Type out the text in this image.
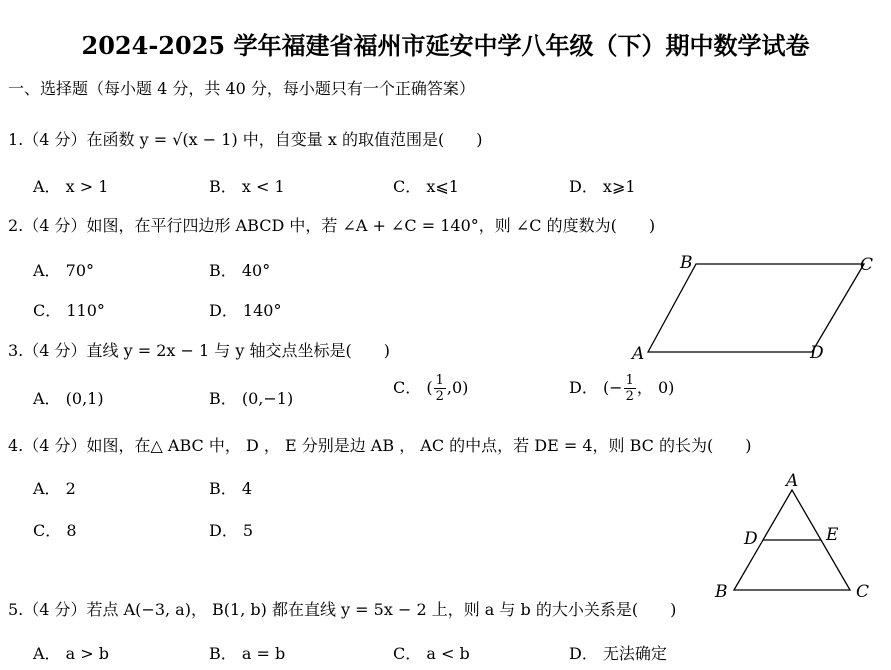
2024-2025 学年福建省福州市延安中学八年级（下）期中数学试卷
一、选择题（每小题 4 分，共 40 分，每小题只有一个正确答案）
1.（4 分）在函数 y = √(x − 1) 中，自变量 x 的取值范围是(　　)
A． x > 1	B． x < 1	C． x⩽1	D． x⩾1
2.（4 分）如图，在平行四边形 ABCD 中，若 ∠A + ∠C = 140°，则 ∠C 的度数为(　　)
A． 70°	B． 40°
C． 110°	D． 140°
A
B	C
D
3.（4 分）直线 y = 2x − 1 与 y 轴交点坐标是(　　)
A． (0,1)	B． (0,−1)
C． ( $\frac{1}{2} ,0$)	D． (− $\frac{1}{2}$ ， 0)
4.（4 分）如图，在△ ABC 中， D ， E 分别是边 AB ， AC 的中点，若 DE = 4，则 BC 的长为(　　)
A． 2	B． 4
C． 8	D． 5
A
B	C
D	E
5.（4 分）若点 A(−3, a)， B(1, b) 都在直线 y = 5x − 2 上，则 a 与 b 的大小关系是(　　)
A． a > b	B． a = b	C． a < b	D． 无法确定
